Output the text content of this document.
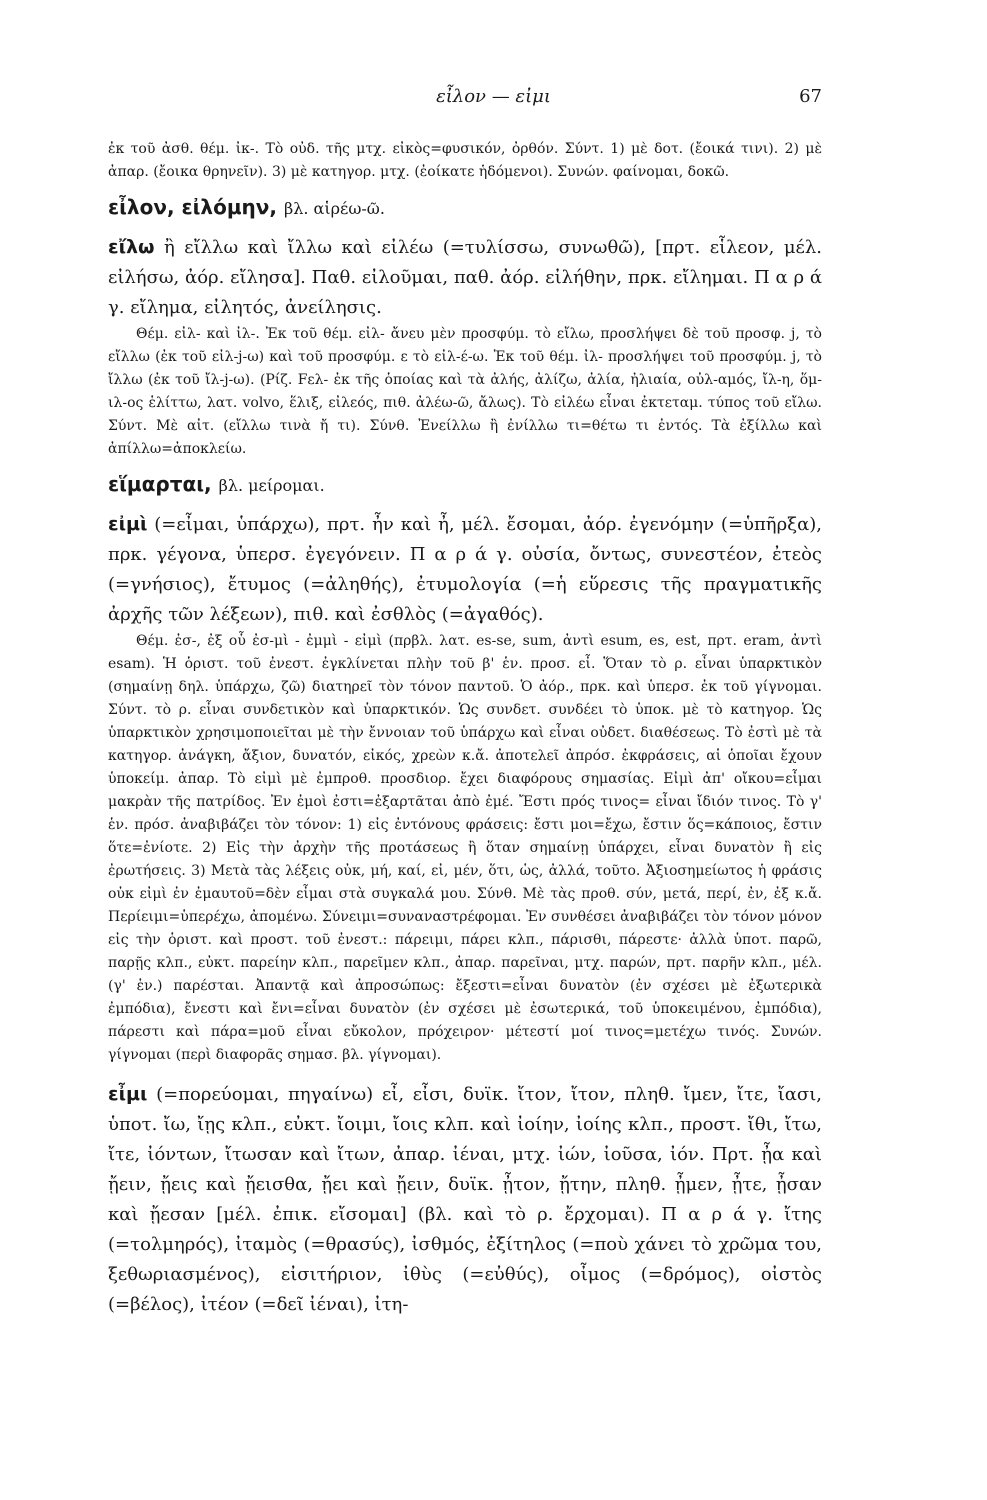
εἶλον — εἰμι	67

ἐκ τοῦ ἀσθ. θέμ. ἰκ-. Τὸ οὐδ. τῆς μτχ. εἰκὸς=φυσικόν, ὀρθόν. Σύντ. 1) μὲ δοτ. (ἔοικά τινι). 2) μὲ ἀπαρ. (ἔοικα θρηνεῖν). 3) μὲ κατηγορ. μτχ. (ἐοίκατε ἡδόμενοι). Συνών. φαίνομαι, δοκῶ.

εἶλον, εἰλόμην, βλ. αἱρέω-ῶ.

εἴλω ἢ εἴλλω καὶ ἴλλω καὶ εἰλέω (=τυλίσσω, συνωθῶ), [πρτ. εἷλεον, μέλ. εἰλήσω, ἀόρ. εἴλησα]. Παθ. εἰλοῦμαι, παθ. ἀόρ. εἰλήθην, πρκ. εἴλημαι. Π α ρ ά γ. εἴλημα, εἰλητός, ἀνείλησις.

Θέμ. εἰλ- καὶ ἰλ-. Ἐκ τοῦ θέμ. εἰλ- ἄνευ μὲν προσφύμ. τὸ εἴλω, προσλήψει δὲ τοῦ προσφ. j, τὸ εἴλλω (ἐκ τοῦ εἰλ-j-ω) καὶ τοῦ προσφύμ. ε τὸ εἰλ-έ-ω. Ἐκ τοῦ θέμ. ἰλ- προσλήψει τοῦ προσφύμ. j, τὸ ἴλλω (ἐκ τοῦ ἴλ-j-ω). (Ρίζ. Fελ- ἐκ τῆς ὁποίας καὶ τὰ ἀλής, ἀλίζω, ἀλία, ἠλιαία, οὐλ-αμός, ἴλ-η, ὅμ-ιλ-ος ἑλίττω, λατ. volvo, ἕλιξ, εἰλεός, πιθ. ἀλέω-ῶ, ἄλως). Τὸ εἰλέω εἶναι ἐκτεταμ. τύπος τοῦ εἴλω. Σύντ. Μὲ αἰτ. (εἴλλω τινὰ ἤ τι). Σύνθ. Ἐνείλλω ἢ ἐνίλλω τι=θέτω τι ἐντός. Τὰ ἐξίλλω καὶ ἀπίλλω=ἀποκλείω.

εἵμαρται, βλ. μείρομαι.

εἰμὶ (=εἶμαι, ὑπάρχω), πρτ. ἦν καὶ ἦ, μέλ. ἔσομαι, ἀόρ. ἐγενόμην (=ὑπῆρξα), πρκ. γέγονα, ὑπερσ. ἐγεγόνειν. Π α ρ ά γ. οὐσία, ὄντως, συνεστέον, ἐτεὸς (=γνήσιος), ἔτυμος (=ἀληθής), ἐτυμολογία (=ἡ εὕρεσις τῆς πραγματικῆς ἀρχῆς τῶν λέξεων), πιθ. καὶ ἐσθλὸς (=ἀγαθός).

Θέμ. ἐσ-, ἐξ οὗ ἐσ-μὶ - ἐμμὶ - εἰμὶ (πρβλ. λατ. es-se, sum, ἀντὶ esum, es, est, πρτ. eram, ἀντὶ esam). Ἡ ὁριστ. τοῦ ἐνεστ. ἐγκλίνεται πλὴν τοῦ β' ἑν. προσ. εἶ. Ὅταν τὸ ρ. εἶναι ὑπαρκτικὸν (σημαίνῃ δηλ. ὑπάρχω, ζῶ) διατηρεῖ τὸν τόνον παντοῦ. Ὁ ἀόρ., πρκ. καὶ ὑπερσ. ἐκ τοῦ γίγνομαι. Σύντ. τὸ ρ. εἶναι συνδετικὸν καὶ ὑπαρκτικόν. Ὡς συνδετ. συνδέει τὸ ὑποκ. μὲ τὸ κατηγορ. Ὡς ὑπαρκτικὸν χρησιμοποιεῖται μὲ τὴν ἔννοιαν τοῦ ὑπάρχω καὶ εἶναι οὐδετ. διαθέσεως. Τὸ ἐστὶ μὲ τὰ κατηγορ. ἀνάγκη, ἄξιον, δυνατόν, εἰκός, χρεὼν κ.ἄ. ἀποτελεῖ ἀπρόσ. ἐκφράσεις, αἱ ὁποῖαι ἔχουν ὑποκείμ. ἀπαρ. Τὸ εἰμὶ μὲ ἐμπροθ. προσδιορ. ἔχει διαφόρους σημασίας. Εἰμὶ ἀπ' οἴκου=εἶμαι μακρὰν τῆς πατρίδος. Ἐν ἐμοὶ ἐστι=ἐξαρτᾶται ἀπὸ ἐμέ. Ἔστι πρός τινος= εἶναι ἴδιόν τινος. Τὸ γ' ἑν. πρόσ. ἀναβιβάζει τὸν τόνον: 1) εἰς ἐντόνους φράσεις: ἔστι μοι=ἔχω, ἔστιν ὅς=κάποιος, ἔστιν ὅτε=ἐνίοτε. 2) Εἰς τὴν ἀρχὴν τῆς προτάσεως ἢ ὅταν σημαίνῃ ὑπάρχει, εἶναι δυνατὸν ἢ εἰς ἐρωτήσεις. 3) Μετὰ τὰς λέξεις οὐκ, μή, καί, εἰ, μέν, ὅτι, ὡς, ἀλλά, τοῦτο. Ἀξιοσημείωτος ἡ φράσις οὐκ εἰμὶ ἐν ἐμαυτοῦ=δὲν εἶμαι στὰ συγκαλά μου. Σύνθ. Μὲ τὰς προθ. σύν, μετά, περί, ἐν, ἐξ κ.ἄ. Περίειμι=ὑπερέχω, ἀπομένω. Σύνειμι=συναναστρέφομαι. Ἐν συνθέσει ἀναβιβάζει τὸν τόνον μόνον εἰς τὴν ὁριστ. καὶ προστ. τοῦ ἐνεστ.: πάρειμι, πάρει κλπ., πάρισθι, πάρεστε· ἀλλὰ ὑποτ. παρῶ, παρῇς κλπ., εὐκτ. παρείην κλπ., παρεῖμεν κλπ., ἀπαρ. παρεῖναι, μτχ. παρών, πρτ. παρῆν κλπ., μέλ. (γ' ἑν.) παρέσται. Ἀπαντᾷ καὶ ἀπροσώπως: ἔξεστι=εἶναι δυνατὸν (ἐν σχέσει μὲ ἐξωτερικὰ ἐμπόδια), ἔνεστι καὶ ἔνι=εἶναι δυνατὸν (ἐν σχέσει μὲ ἐσωτερικά, τοῦ ὑποκειμένου, ἐμπόδια), πάρεστι καὶ πάρα=μοῦ εἶναι εὔκολον, πρόχειρον· μέτεστί μοί τινος=μετέχω τινός. Συνών. γίγνομαι (περὶ διαφορᾶς σημασ. βλ. γίγνομαι).

εἶμι (=πορεύομαι, πηγαίνω) εἶ, εἶσι, δυϊκ. ἴτον, ἴτον, πληθ. ἴμεν, ἴτε, ἴασι, ὑποτ. ἴω, ἴῃς κλπ., εὐκτ. ἴοιμι, ἴοις κλπ. καὶ ἰοίην, ἰοίης κλπ., προστ. ἴθι, ἴτω, ἴτε, ἰόντων, ἴτωσαν καὶ ἴτων, ἀπαρ. ἰέναι, μτχ. ἰών, ἰοῦσα, ἰόν. Πρτ. ᾖα καὶ ᾔειν, ᾔεις καὶ ᾔεισθα, ᾔει καὶ ᾔειν, δυϊκ. ᾖτον, ᾔτην, πληθ. ᾖμεν, ᾖτε, ᾖσαν καὶ ᾔεσαν [μέλ. ἐπικ. εἴσομαι] (βλ. καὶ τὸ ρ. ἔρχομαι). Π α ρ ά γ. ἴτης (=τολμηρός), ἰταμὸς (=θρασύς), ἰσθμός, ἐξίτηλος (=ποὺ χάνει τὸ χρῶμα του, ξεθωριασμένος), εἰσιτήριον, ἰθὺς (=εὐθύς), οἶμος (=δρόμος), οἰστὸς (=βέλος), ἰτέον (=δεῖ ἰέναι), ἰτη-
